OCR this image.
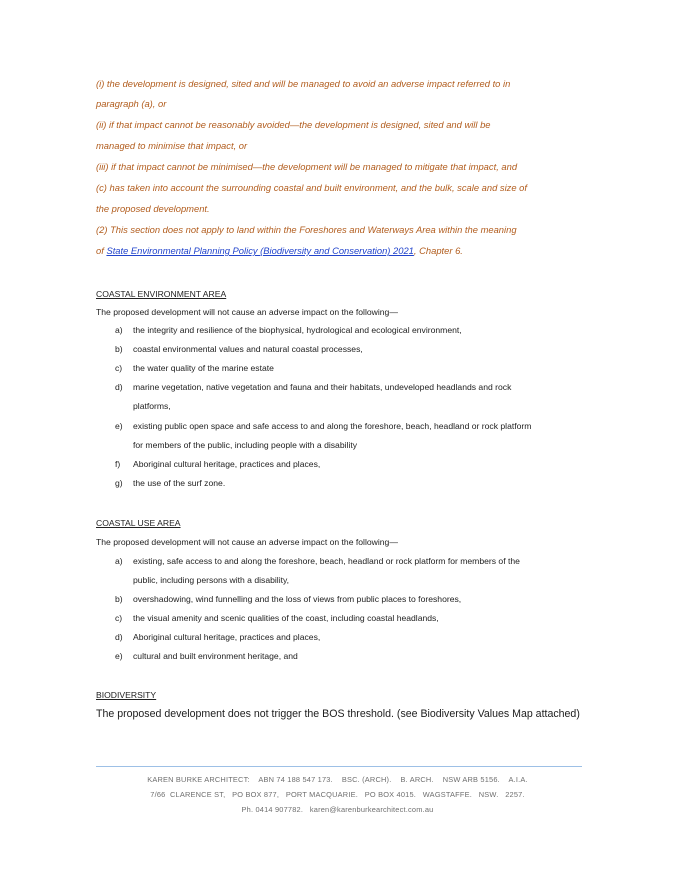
(i) the development is designed, sited and will be managed to avoid an adverse impact referred to in
paragraph (a), or
(ii) if that impact cannot be reasonably avoided—the development is designed, sited and will be
managed to minimise that impact, or
(iii) if that impact cannot be minimised—the development will be managed to mitigate that impact, and
(c) has taken into account the surrounding coastal and built environment, and the bulk, scale and size of
the proposed development.
(2) This section does not apply to land within the Foreshores and Waterways Area within the meaning
of State Environmental Planning Policy (Biodiversity and Conservation) 2021, Chapter 6.
COASTAL ENVIRONMENT AREA
The proposed development will not cause an adverse impact on the following—
a) the integrity and resilience of the biophysical, hydrological and ecological environment,
b) coastal environmental values and natural coastal processes,
c) the water quality of the marine estate
d) marine vegetation, native vegetation and fauna and their habitats, undeveloped headlands and rock
platforms,
e) existing public open space and safe access to and along the foreshore, beach, headland or rock platform
for members of the public, including people with a disability
f) Aboriginal cultural heritage, practices and places,
g) the use of the surf zone.
COASTAL USE AREA
The proposed development will not cause an adverse impact on the following—
a) existing, safe access to and along the foreshore, beach, headland or rock platform for members of the
public, including persons with a disability,
b) overshadowing, wind funnelling and the loss of views from public places to foreshores,
c) the visual amenity and scenic qualities of the coast, including coastal headlands,
d) Aboriginal cultural heritage, practices and places,
e) cultural and built environment heritage, and
BIODIVERSITY
The proposed development does not trigger the BOS threshold. (see Biodiversity Values Map attached)
KAREN BURKE ARCHITECT:    ABN 74 188 547 173.    BSC. (ARCH).    B. ARCH.    NSW ARB 5156.    A.I.A.
7/66  CLARENCE ST,   PO BOX 877,   PORT MACQUARIE.   PO BOX 4015.   WAGSTAFFE.   NSW.   2257.
Ph. 0414 907782.   karen@karenburkearchitect.com.au
